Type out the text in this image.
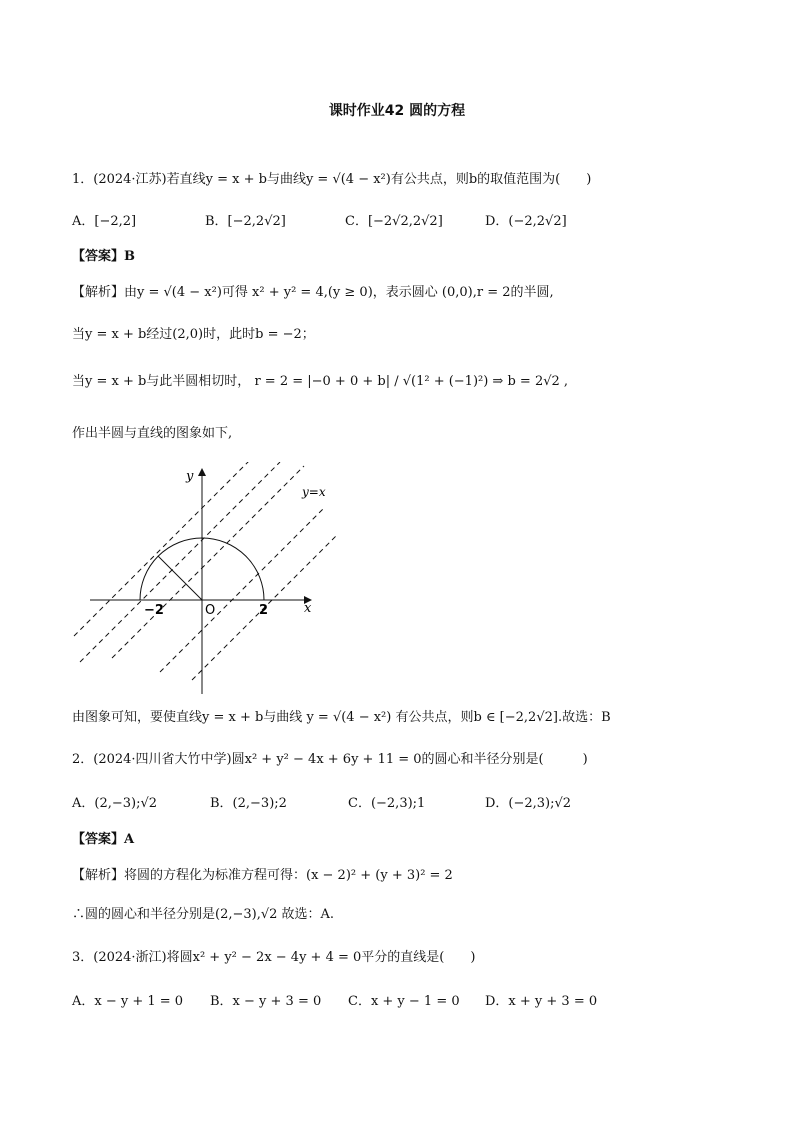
课时作业42 圆的方程
1．(2024·江苏)若直线y = x + b与曲线y = √(4 − x²)有公共点，则b的取值范围为(　　)
A．[−2,2]	B．[−2,2√2]	C．[−2√2,2√2]	D．(−2,2√2]
【答案】B
【解析】由y = √(4 − x²)可得 x² + y² = 4,(y ≥ 0)，表示圆心 (0,0),r = 2的半圆,
当y = x + b经过(2,0)时，此时b = −2；
当y = x + b与此半圆相切时， r = 2 = |−0 + 0 + b| / √(1² + (−1)²) ⇒ b = 2√2 ,
作出半圆与直线的图象如下,
y
x
y=x
O
−2	2
由图象可知，要使直线y = x + b与曲线 y = √(4 − x²) 有公共点，则b ∈ [−2,2√2].故选：B
2．(2024·四川省大竹中学)圆x² + y² − 4x + 6y + 11 = 0的圆心和半径分别是(　　　)
A．(2,−3);√2	B．(2,−3);2	C．(−2,3);1	D．(−2,3);√2
【答案】A
【解析】将圆的方程化为标准方程可得：(x − 2)² + (y + 3)² = 2
∴圆的圆心和半径分别是(2,−3),√2 故选：A.
3．(2024·浙江)将圆x² + y² − 2x − 4y + 4 = 0平分的直线是(　　)
A．x − y + 1 = 0 B．x − y + 3 = 0 C．x + y − 1 = 0 D．x + y + 3 = 0
